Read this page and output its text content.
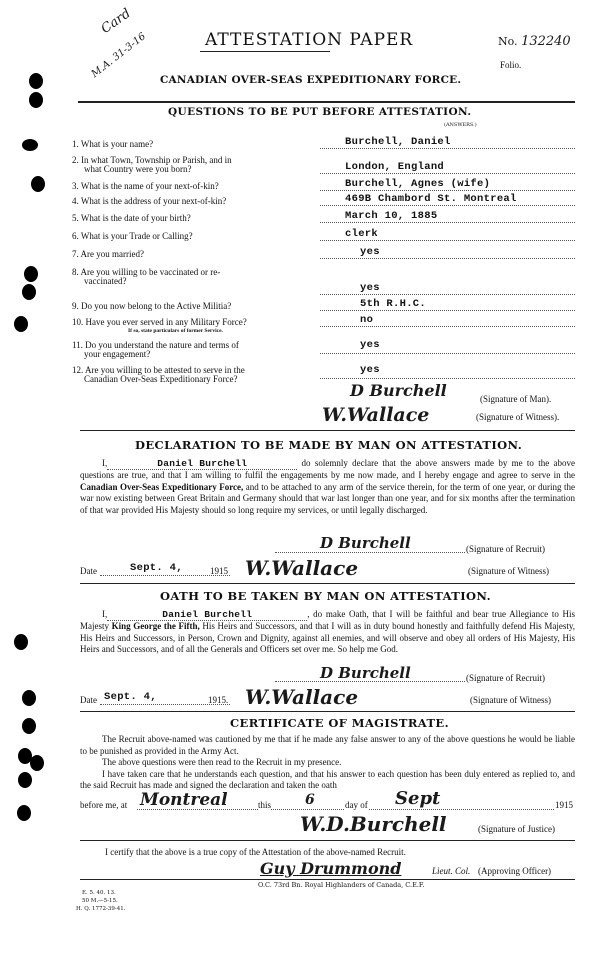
Card
M.A. 31-3-16	ATTESTATION PAPER	No. 132240
Folio.
CANADIAN OVER-SEAS EXPEDITIONARY FORCE.
QUESTIONS TO BE PUT BEFORE ATTESTATION.
(ANSWERS.)
1. What is your name?	Burchell, Daniel
2. In what Town, Township or Parish, and in
what Country were you born?	London, England
3. What is the name of your next-of-kin?	Burchell, Agnes (wife)
4. What is the address of your next-of-kin?	469B Chambord St. Montreal
5. What is the date of your birth?	March 10, 1885
6. What is your Trade or Calling?	clerk
7. Are you married?	yes
8. Are you willing to be vaccinated or re-
vaccinated?
yes
9. Do you now belong to the Active Militia?	5th R.H.C.
10. Have you ever served in any Military Force?
If so, state particulars of former Service.
no
11. Do you understand the nature and terms of
your engagement?
yes
12. Are you willing to be attested to serve in the
Canadian Over-Seas Expeditionary Force?
yes
D Burchell	(Signature of Man).
W.Wallace	(Signature of Witness).
DECLARATION TO BE MADE BY MAN ON ATTESTATION.
I,	Daniel Burchell	do solemnly declare that the above answers made by me to the above questions are true, and that I am willing to fulfil the engagements by me now made, and I hereby engage and agree to serve in the Canadian Over-Seas Expeditionary Force, and to be attached to any arm of the service therein, for the term of one year, or during the war now existing between Great Britain and Germany should that war last longer than one year, and for six months after the termination of that war provided His Majesty should so long require my services, or until legally discharged.
D Burchell	(Signature of Recruit)
Date	Sept. 4,	1915 W.Wallace	(Signature of Witness)
OATH TO BE TAKEN BY MAN ON ATTESTATION.
I,	Daniel Burchell	, do make Oath, that I will be faithful and bear true Allegiance to His Majesty King George the Fifth, His Heirs and Successors, and that I will as in duty bound honestly and faithfully defend His Majesty, His Heirs and Successors, in Person, Crown and Dignity, against all enemies, and will observe and obey all orders of His Majesty, His Heirs and Successors, and of all the Generals and Officers set over me. So help me God.
D Burchell	(Signature of Recruit)
Date Sept. 4,	1915. W.Wallace	(Signature of Witness)
CERTIFICATE OF MAGISTRATE.
The Recruit above-named was cautioned by me that if he made any false answer to any of the above questions he would be liable to be punished as provided in the Army Act.
The above questions were then read to the Recruit in my presence.
I have taken care that he understands each question, and that his answer to each question has been duly entered as replied to, and the said Recruit has made and signed the declaration and taken the oath
before me, at Montreal	this 6	day of Sept	1915
W.D.Burchell	(Signature of Justice)
I certify that the above is a true copy of the Attestation of the above-named Recruit.
Guy Drummond	Lieut. Col. (Approving Officer)
O.C. 73rd Bn. Royal Highlanders of Canada, C.E.F.
E. 5. 40. 13.
50 M.—5-15.
H. Q. 1772-39-41.
